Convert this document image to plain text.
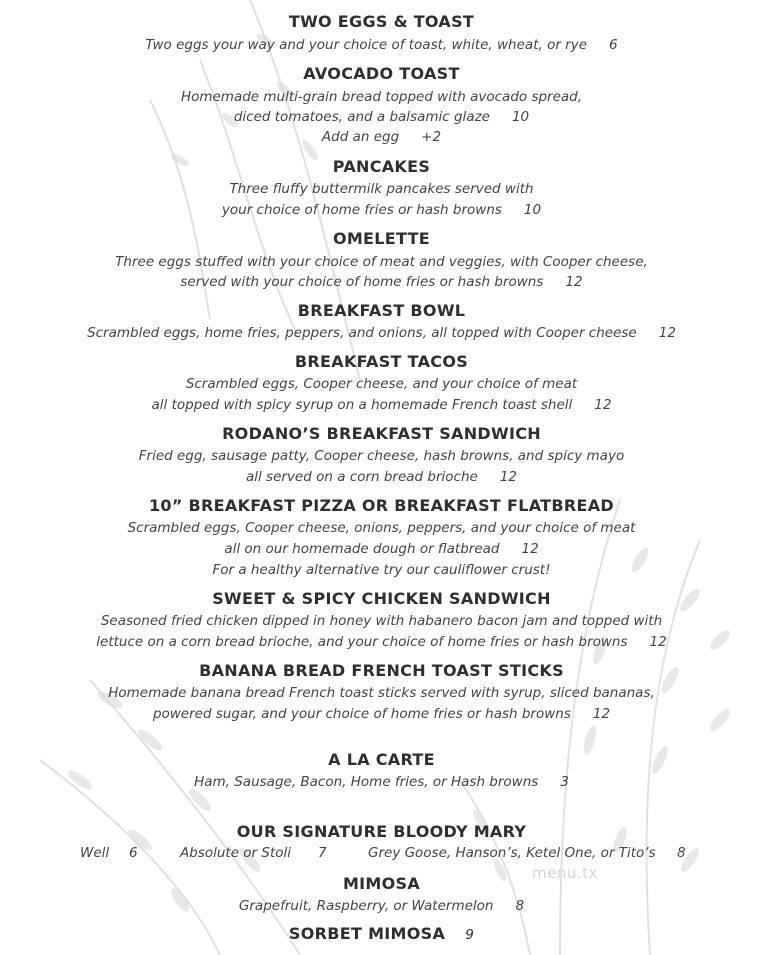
TWO EGGS & TOAST
Two eggs your way and your choice of toast, white, wheat, or rye 6
AVOCADO TOAST
Homemade multi-grain bread topped with avocado spread,
diced tomatoes, and a balsamic glaze 10
Add an egg +2
PANCAKES
Three fluffy buttermilk pancakes served with
your choice of home fries or hash browns 10
OMELETTE
Three eggs stuffed with your choice of meat and veggies, with Cooper cheese,
served with your choice of home fries or hash browns 12
BREAKFAST BOWL
Scrambled eggs, home fries, peppers, and onions, all topped with Cooper cheese 12
BREAKFAST TACOS
Scrambled eggs, Cooper cheese, and your choice of meat
all topped with spicy syrup on a homemade French toast shell 12
RODANO’S BREAKFAST SANDWICH
Fried egg, sausage patty, Cooper cheese, hash browns, and spicy mayo
all served on a corn bread brioche 12
10” BREAKFAST PIZZA OR BREAKFAST FLATBREAD
Scrambled eggs, Cooper cheese, onions, peppers, and your choice of meat
all on our homemade dough or flatbread 12
For a healthy alternative try our cauliflower crust!
SWEET & SPICY CHICKEN SANDWICH
Seasoned fried chicken dipped in honey with habanero bacon jam and topped with
lettuce on a corn bread brioche, and your choice of home fries or hash browns 12
BANANA BREAD FRENCH TOAST STICKS
Homemade banana bread French toast sticks served with syrup, sliced bananas,
powered sugar, and your choice of home fries or hash browns 12
A LA CARTE
Ham, Sausage, Bacon, Home fries, or Hash browns 3
OUR SIGNATURE BLOODY MARY
Well 6	Absolute or Stoli 7	Grey Goose, Hanson’s, Ketel One, or Tito’s 8
MIMOSA
Grapefruit, Raspberry, or Watermelon 8
SORBET MIMOSA 9
menu.tx
